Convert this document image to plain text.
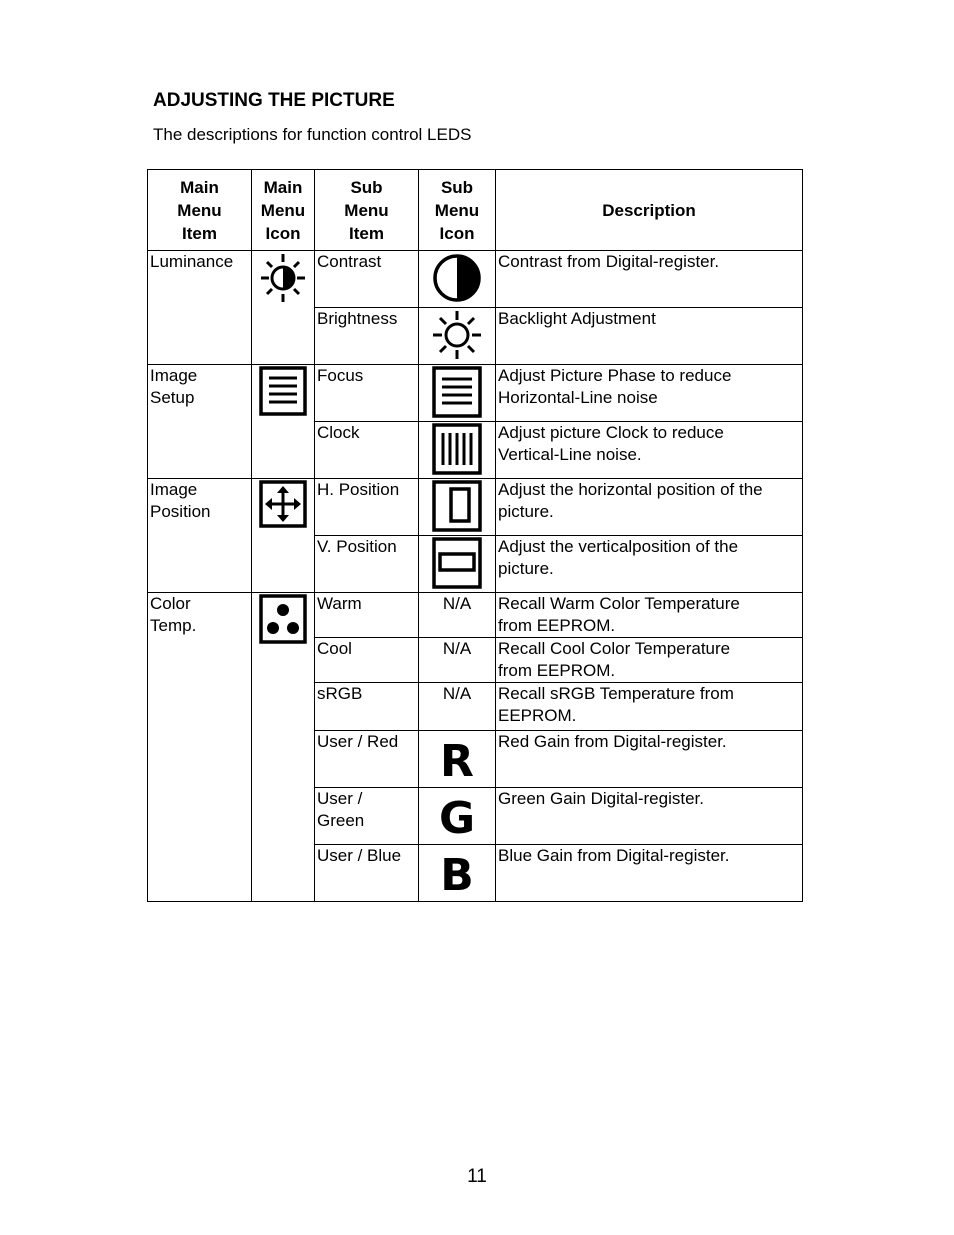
ADJUSTING THE PICTURE

The descriptions for function control LEDS

Main
Menu
Item	Main
Menu
Icon	Sub
Menu
Item	Sub
Menu
Icon	Description
Luminance		Contrast		Contrast from Digital-register.
		Brightness		Backlight Adjustment
Image
Setup		Focus		Adjust Picture Phase to reduce
Horizontal-Line noise
		Clock		Adjust picture Clock to reduce
Vertical-Line noise.
Image
Position		H. Position		Adjust the horizontal position of the
picture.
		V. Position		Adjust the verticalposition of the
picture.
Color
Temp.		Warm	N/A	Recall Warm Color Temperature
from EEPROM.
		Cool	N/A	Recall Cool Color Temperature
from EEPROM.
		sRGB	N/A	Recall sRGB Temperature from
EEPROM.
		User / Red	R	Red Gain from Digital-register.
		User /
Green	G	Green Gain Digital-register.
		User / Blue	B	Blue Gain from Digital-register.

11
